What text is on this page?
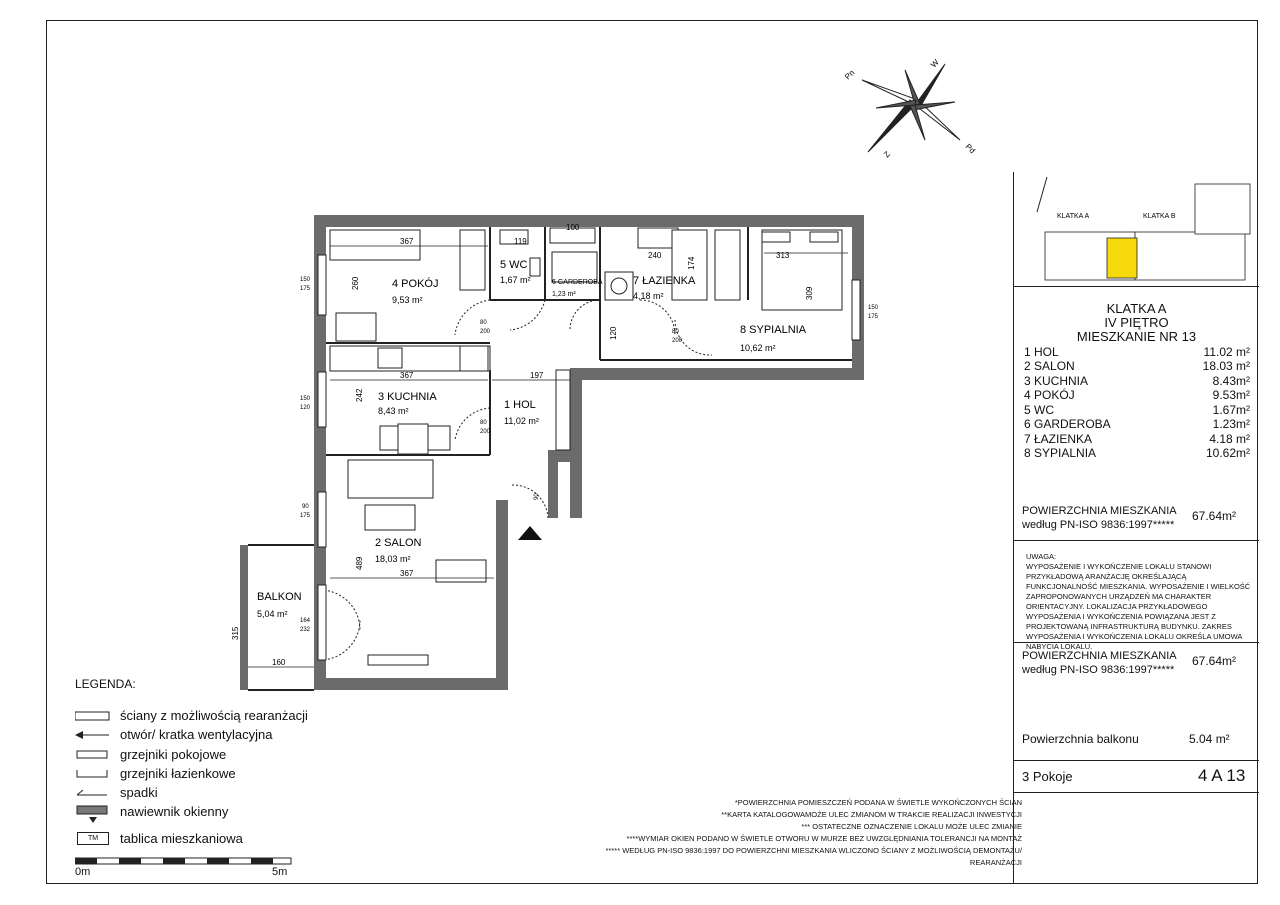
Pn
W
Pd
Z
4 POKÓJ
9,53 m²
5 WC
1,67 m²	6 GARDEROBA
1,23 m²
7 ŁAZIENKA
4,18 m²
8 SYPIALNIA
10,62 m²
3 KUCHNIA
8,43 m²	1 HOL
11,02 m²
2 SALON
18,03 m²
BALKON
5,04 m²
367
260
119
100
240	313
174
309
120
367	197
242
489
367
315
160
150
175
150
120
90
175
164
232
150
175
80
200
80
200
80
200
90
KLATKA A	KLATKA B
KLATKA A
IV PIĘTRO
MIESZKANIE NR 13
1 HOL	11.02 m²
2 SALON	18.03 m²
3 KUCHNIA	8.43m²
4 POKÓJ	9.53m²
5 WC	1.67m²
6 GARDEROBA	1.23m²
7 ŁAZIENKA	4.18 m²
8 SYPIALNIA	10.62m²
POWIERZCHNIA MIESZKANIA
według PN-ISO 9836:1997*****
67.64m²
UWAGA:
WYPOSAŻENIE I WYKOŃCZENIE LOKALU STANOWI PRZYKŁADOWĄ ARANŻACJĘ OKREŚLAJĄCĄ FUNKCJONALNOŚĆ MIESZKANIA. WYPOSAŻENIE I WIELKOŚĆ ZAPROPONOWANYCH URZĄDZEŃ MA CHARAKTER ORIENTACYJNY. LOKALIZACJA PRZYKŁADOWEGO WYPOSAŻENIA I WYKOŃCZENIA POWIĄZANA JEST Z PROJEKTOWANĄ INFRASTRUKTURĄ BUDYNKU. ZAKRES WYPOSAŻENIA I WYKOŃCZENIA LOKALU OKREŚLA UMOWA NABYCIA LOKALU.
POWIERZCHNIA MIESZKANIA
według PN-ISO 9836:1997*****
67.64m²
Powierzchnia balkonu	5.04 m²
3 Pokoje	4 A 13
LEGENDA:
ściany z możliwością rearanżacji
otwór/ kratka wentylacyjna
grzejniki pokojowe
grzejniki łazienkowe
spadki
nawiewnik okienny
TM	tablica mieszkaniowa
0m	5m
*POWIERZCHNIA POMIESZCZEŃ PODANA W ŚWIETLE WYKOŃCZONYCH ŚCIAN
**KARTA KATALOGOWAMOŻE ULEC ZMIANOM W TRAKCIE REALIZACJI INWESTYCJI
*** OSTATECZNE OZNACZENIE LOKALU MOŻE ULEC ZMIANIE
****WYMIAR OKIEN PODANO W ŚWIETLE OTWORU W MURZE BEZ UWZGLĘDNIANIA TOLERANCJI NA MONTAŻ
***** WEDŁUG PN-ISO 9836:1997 DO POWIERZCHNI MIESZKANIA WLICZONO ŚCIANY Z MOŻLIWOŚCIĄ DEMONTAŻU/
REARANŻACJI
